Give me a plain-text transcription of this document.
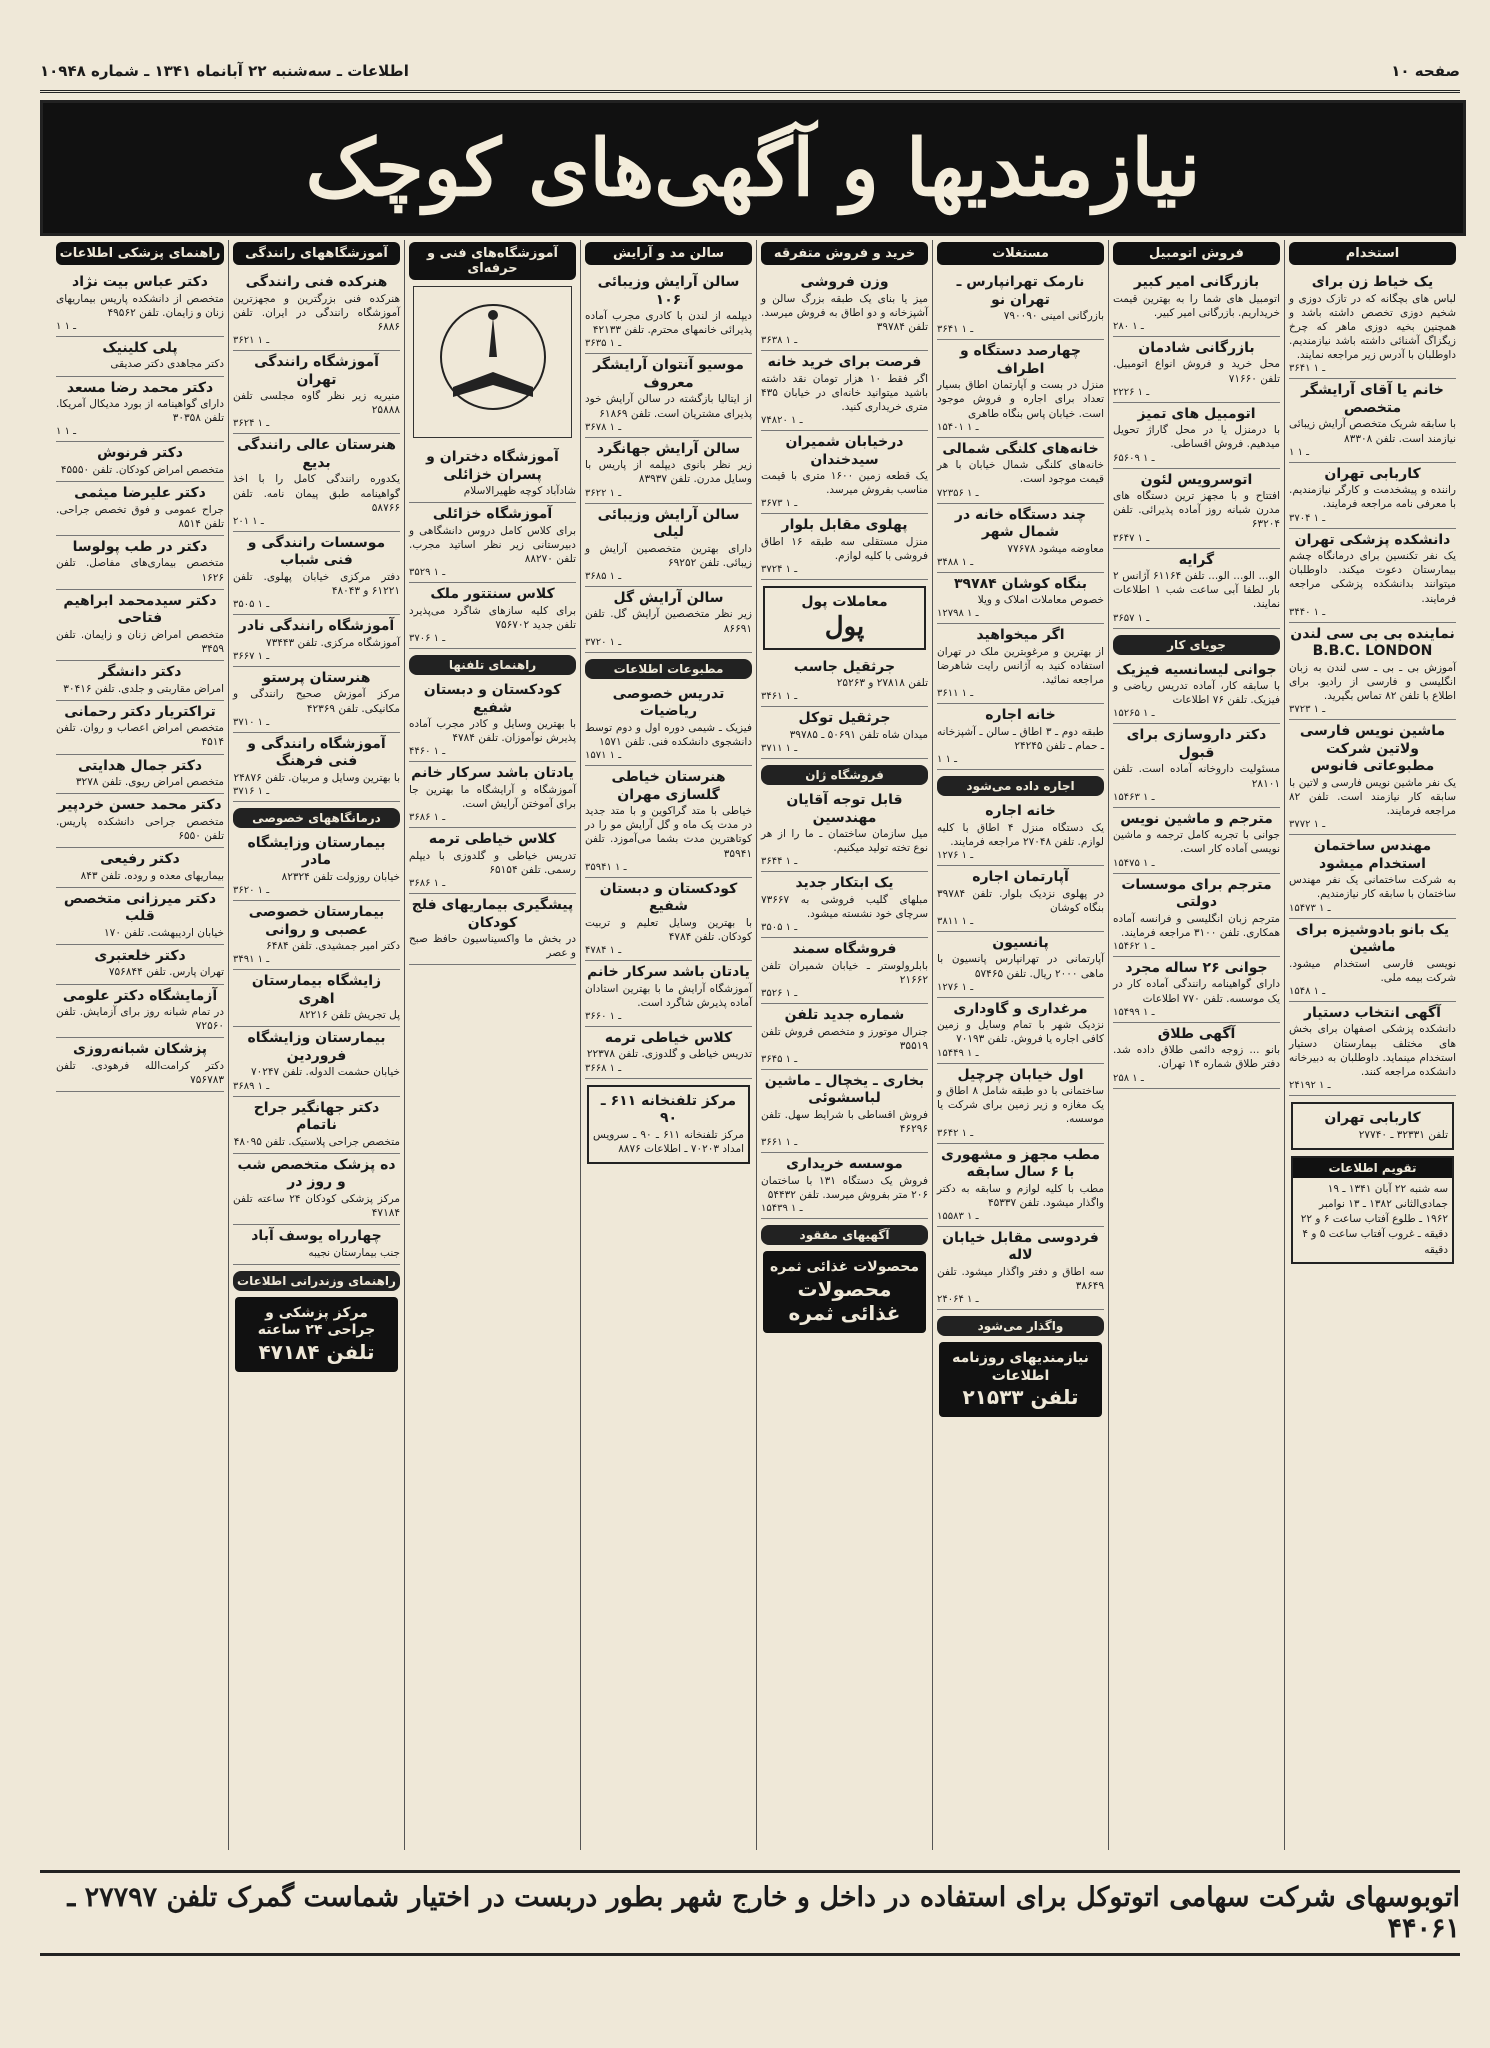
صفحه ۱۰
اطلاعات ـ سه‌شنبه ۲۲ آبانماه ۱۳۴۱ ـ شماره ۱۰۹۴۸
نیازمندیها و آگهی‌های کوچک
استخدام
یک خیاط زن برای
لباس های بچگانه که در تازک دوزی و شخیم دوزی تخصص داشته باشد و همچنین بخیه دوزی ماهر که چرخ زیگزاگ آشنائی داشته باشد نیازمندیم. داوطلبان با آدرس زیر مراجعه نمایند.
۳۶۴۱ ـ ۱
خانم یا آقای آرایشگر متخصص
با سابقه شریک متخصص آرایش زیبائی نیازمند است. تلفن ۸۳۳۰۸
۱ ـ ۱
کاربابی تهران
راننده و پیشخدمت و کارگر نیازمندیم. با معرفی نامه مراجعه فرمایند.
۳۷۰۴ ـ ۱
دانشکده پزشکی تهران
یک نفر تکنسین برای درمانگاه چشم بیمارستان دعوت میکند. داوطلبان میتوانند بدانشکده پزشکی مراجعه فرمایند.
۳۴۴۰ ـ ۱
نماینده بی بی سی لندن B.B.C. LONDON
آموزش بی ـ بی ـ سی لندن به زبان انگلیسی و فارسی از رادیو. برای اطلاع با تلفن ۸۲ تماس بگیرید.
۳۷۲۳ ـ ۱
ماشین نویس فارسی ولاتین شرکت مطبوعاتی فانوس
یک نفر ماشین نویس فارسی و لاتین با سابقه کار نیازمند است. تلفن ۸۲ مراجعه فرمایند.
۳۷۷۲ ـ ۱
مهندس ساختمان استخدام میشود
به شرکت ساختمانی یک نفر مهندس ساختمان با سابقه کار نیازمندیم.
۱۵۴۷۳ ـ ۱
یک بانو بادوشیزه برای ماشین
نویسی فارسی استخدام میشود. شرکت بیمه ملی.
۱۵۴۸ ـ ۱
آگهی انتخاب دستیار
دانشکده پزشکی اصفهان برای بخش های مختلف بیمارستان دستیار استخدام مینماید. داوطلبان به دبیرخانه دانشکده مراجعه کنند.
۲۴۱۹۲ ـ ۱
کاربابی تهران
تلفن ۳۲۳۳۱ ـ ۲۷۷۴۰
تقویم اطلاعات
سه شنبه ۲۲ آبان ۱۳۴۱ ـ ۱۹ جمادی‌الثانی ۱۳۸۲ ـ ۱۳ نوامبر ۱۹۶۲ ـ طلوع آفتاب ساعت ۶ و ۲۲ دقیقه ـ غروب آفتاب ساعت ۵ و ۴ دقیقه
فروش اتومبیل
بازرگانی امیر کبیر
اتومبیل های شما را به بهترین قیمت خریداریم. بازرگانی امیر کبیر.
۲۸۰ ـ ۱
بازرگانی شادمان
محل خرید و فروش انواع اتومبیل. تلفن ۷۱۶۶۰
۲۲۲۶ ـ ۱
اتومبیل های تمیز
با درمنزل یا در محل گاراژ تحویل میدهیم. فروش اقساطی.
۶۵۶۰۹ ـ ۱
اتوسرویس لئون
افتتاح و با مجهز ترین دستگاه های مدرن شبانه روز آماده پذیرائی. تلفن ۶۳۲۰۴
۳۶۴۷ ـ ۱
گرایه
الو... الو... الو... تلفن ۶۱۱۶۴ آژانس ۲ بار لطفا آبی ساعت شب ۱ اطلاعات نمایند.
۳۶۵۷ ـ ۱
جویای کار
جوانی لیسانسیه فیزیک
با سابقه کار، آماده تدریس ریاضی و فیزیک. تلفن ۷۶ اطلاعات
۱۵۲۶۵ ـ ۱
دکتر داروسازی برای قبول
مسئولیت داروخانه آماده است. تلفن ۲۸۱۰۱
۱۵۴۶۳ ـ ۱
مترجم و ماشین نویس
جوانی با تجربه کامل ترجمه و ماشین نویسی آماده کار است.
۱۵۴۷۵ ـ ۱
مترجم برای موسسات دولتی
مترجم زبان انگلیسی و فرانسه آماده همکاری. تلفن ۳۱۰۰ مراجعه فرمایند.
۱۵۴۶۲ ـ ۱
جوانی ۲۶ ساله مجرد
دارای گواهینامه رانندگی آماده کار در یک موسسه. تلفن ۷۷۰ اطلاعات
۱۵۴۹۹ ـ ۱
آگهی طلاق
بانو ... زوجه دائمی طلاق داده شد. دفتر طلاق شماره ۱۴ تهران.
۲۵۸ ـ ۱
مستغلات
نارمک تهرانپارس ـ تهران نو
بازرگانی امینی ۷۹۰۰۹۰
۳۶۴۱ ـ ۱
چهارصد دستگاه و اطراف
منزل در بست و آپارتمان اطاق بسیار تعداد برای اجاره و فروش موجود است. خیابان پاس بنگاه طاهری
۱۵۴۰۱ ـ ۱
خانه‌های کلنگی شمالی
خانه‌های کلنگی شمال خیابان با هر قیمت موجود است.
۷۲۳۵۶ ـ ۱
چند دستگاه خانه در شمال شهر
معاوضه میشود ۷۷۶۷۸
۳۴۸۸ ـ ۱
بنگاه کوشان ۳۹۷۸۴
خصوص معاملات املاک و ویلا
۱۲۷۹۸ ـ ۱
اگر میخواهید
از بهترین و مرغوبترین ملک در تهران استفاده کنید به آژانس رایت شاهرضا مراجعه نمائید.
۳۶۱۱ ـ ۱
خانه اجاره
طبقه دوم ـ ۳ اطاق ـ سالن ـ آشپزخانه ـ حمام ـ تلفن ۲۴۲۴۵
۱ ـ ۱
اجاره داده می‌شود
خانه اجاره
یک دستگاه منزل ۴ اطاق با کلیه لوازم. تلفن ۲۷۰۴۸ مراجعه فرمایند.
۱۲۷۶ ـ ۱
آپارتمان اجاره
در پهلوی نزدیک بلوار. تلفن ۳۹۷۸۴ بنگاه کوشان
۳۸۱۱ ـ ۱
پانسیون
آپارتمانی در تهرانپارس پانسیون با ماهی ۲۰۰۰ ریال. تلفن ۵۷۴۶۵
۱۲۷۶ ـ ۱
مرغداری و گاوداری
نزدیک شهر با تمام وسایل و زمین کافی اجاره یا فروش. تلفن ۷۰۱۹۳
۱۵۴۴۹ ـ ۱
اول خیابان چرچیل
ساختمانی با دو طبقه شامل ۸ اطاق و یک مغازه و زیر زمین برای شرکت یا موسسه.
۳۶۴۲ ـ ۱
مطب مجهز و مشهوری با ۶ سال سابقه
مطب با کلیه لوازم و سابقه به دکتر واگذار میشود. تلفن ۴۵۳۳۷
۱۵۵۸۳ ـ ۱
فردوسی مقابل خیابان لاله
سه اطاق و دفتر واگذار میشود. تلفن ۳۸۶۴۹
۲۴۰۶۴ ـ ۱
واگذار می‌شود
نیازمندیهای روزنامه اطلاعات
تلفن ۲۱۵۳۳
خرید و فروش متفرقه
وزن فروشی
میز یا بنای یک طبقه بزرگ سالن و آشپزخانه و دو اطاق به فروش میرسد. تلفن ۳۹۷۸۴
۳۶۳۸ ـ ۱
فرصت برای خرید خانه
اگر فقط ۱۰ هزار تومان نقد داشته باشید میتوانید خانه‌ای در خیابان ۴۳۵ متری خریداری کنید.
۷۴۸۲۰ ـ ۱
درخیابان شمیران سیدخندان
یک قطعه زمین ۱۶۰۰ متری با قیمت مناسب بفروش میرسد.
۳۶۷۳ ـ ۱
پهلوی مقابل بلوار
منزل مستقلی سه طبقه ۱۶ اطاق فروشی با کلیه لوازم.
۳۷۲۴ ـ ۱
معاملات پول
پول
جرثقیل جاسب
تلفن ۲۷۸۱۸ و ۲۵۲۶۳
۳۴۶۱ ـ ۱
جرثقیل توکل
میدان شاه تلفن ۵۰۶۹۱ ـ ۳۹۷۸۵
۳۷۱۱ ـ ۱
فروشگاه ژان
قابل توجه آقایان مهندسین
میل سازمان ساختمان ـ ما را از هر نوع تخته تولید میکنیم.
۳۶۴۴ ـ ۱
یک ابتکار جدید
مبلهای گلیب فروشی به ۷۳۶۶۷ سرچای خود نشسته میشود.
۳۵۰۵ ـ ۱
فروشگاه سمند
بابلرولوستر ـ خیابان شمیران تلفن ۲۱۶۶۲
۳۵۲۶ ـ ۱
شماره جدید تلفن
جنرال موتورز و متخصص فروش تلفن ۳۵۵۱۹
۳۶۴۵ ـ ۱
بخاری ـ یخچال ـ ماشین لباسشوئی
فروش اقساطی با شرایط سهل. تلفن ۴۶۲۹۶
۳۶۶۱ ـ ۱
موسسه خریداری
فروش یک دستگاه ۱۳۱ با ساختمان ۲۰۶ متر بفروش میرسد. تلفن ۵۴۴۳۲
۱۵۴۳۹ ـ ۱
آگهیهای مفقود
محصولات غذائی ثمره
محصولات غذائی ثمره
سالن مد و آرایش
سالن آرایش وزیبائی ۱۰۶
دیپلمه از لندن با کادری مجرب آماده پذیرائی خانمهای محترم. تلفن ۴۲۱۳۳
۳۶۳۵ ـ ۱
موسیو آنتوان آرایشگر معروف
از ایتالیا بازگشته در سالن آرایش خود پذیرای مشتریان است. تلفن ۶۱۸۶۹
۳۶۷۸ ـ ۱
سالن آرایش جهانگرد
زیر نظر بانوی دیپلمه از پاریس با وسایل مدرن. تلفن ۸۳۹۳۷
۳۶۲۲ ـ ۱
سالن آرایش وزیبائی لیلی
دارای بهترین متخصصین آرایش و زیبائی. تلفن ۶۹۲۵۲
۳۶۸۵ ـ ۱
سالن آرایش گل
زیر نظر متخصصین آرایش گل. تلفن ۸۶۶۹۱
۳۷۲۰ ـ ۱
مطبوعات اطلاعات
تدریس خصوصی ریاضیات
فیزیک ـ شیمی دوره اول و دوم توسط دانشجوی دانشکده فنی. تلفن ۱۵۷۱
۱۵۷۱ ـ ۱
هنرستان خیاطی گلسازی مهران
خیاطی با متد گراکوین و با متد جدید در مدت یک ماه و گل آرایش مو را در کوتاهترین مدت بشما می‌آموزد. تلفن ۳۵۹۴۱
۳۵۹۴۱ ـ ۱
کودکستان و دبستان شفیع
با بهترین وسایل تعلیم و تربیت کودکان. تلفن ۴۷۸۴
۴۷۸۴ ـ ۱
یادتان باشد سرکار خانم
آموزشگاه آرایش ما با بهترین استادان آماده پذیرش شاگرد است.
۳۶۶۰ ـ ۱
کلاس خیاطی ترمه
تدریس خیاطی و گلدوزی. تلفن ۲۲۳۷۸
۳۶۶۸ ـ ۱
مرکز تلفنخانه ۶۱۱ ـ ۹۰
مرکز تلفنخانه ۶۱۱ ـ ۹۰ ـ سرویس امداد ۷۰۲۰۳ ـ اطلاعات ۸۸۷۶
آموزشگاه‌های فنی و حرفه‌ای
آموزشگاه دختران و پسران خزائلی
شادآباد کوچه ظهیرالاسلام
آموزشگاه خزائلی
برای کلاس کامل دروس دانشگاهی و دبیرستانی زیر نظر اساتید مجرب. تلفن ۸۸۲۷۰
۳۵۲۹ ـ ۱
کلاس سنتتور ملک
برای کلیه سازهای شاگرد می‌پذیرد تلفن جدید ۷۵۶۷۰۲
۳۷۰۶ ـ ۱
راهنمای تلفنها
کودکستان و دبستان شفیع
با بهترین وسایل و کادر مجرب آماده پذیرش نوآموزان. تلفن ۴۷۸۴
۴۴۶۰ ـ ۱
یادتان باشد سرکار خانم
آموزشگاه و آرایشگاه ما بهترین جا برای آموختن آرایش است.
۳۶۸۶ ـ ۱
کلاس خیاطی ترمه
تدریس خیاطی و گلدوزی با دیپلم رسمی. تلفن ۶۵۱۵۴
۳۶۸۶ ـ ۱
پیشگیری بیماریهای فلج کودکان
در بخش ما واکسیناسیون حافظ صبح و عصر
آموزشگاههای رانندگی
هنرکده فنی رانندگی
هنرکده فنی بزرگترین و مجهزترین آموزشگاه رانندگی در ایران. تلفن ۶۸۸۶
۳۶۲۱ ـ ۱
آموزشگاه رانندگی تهران
منیریه زیر نظر گاوه مجلسی تلفن ۲۵۸۸۸
۳۶۲۴ ـ ۱
هنرستان عالی رانندگی بدیع
یکدوره رانندگی کامل را با اخذ گواهینامه طبق پیمان نامه. تلفن ۵۸۷۶۶
۲۰۱ ـ ۱
موسسات رانندگی و فنی شباب
دفتر مرکزی خیابان پهلوی. تلفن ۶۱۲۲۱ و ۴۸۰۴۳
۳۵۰۵ ـ ۱
آموزشگاه رانندگی نادر
آموزشگاه مرکزی. تلفن ۷۳۴۴۳
۳۶۶۷ ـ ۱
هنرستان پرستو
مرکز آموزش صحیح رانندگی و مکانیکی. تلفن ۴۲۳۶۹
۳۷۱۰ ـ ۱
آموزشگاه رانندگی و فنی فرهنگ
با بهترین وسایل و مربیان. تلفن ۲۴۸۷۶
۳۷۱۶ ـ ۱
درمانگاههای خصوصی
بیمارستان وزایشگاه مادر
خیابان روزولت تلفن ۸۲۳۲۴
۳۶۲۰ ـ ۱
بیمارستان خصوصی عصبی و روانی
دکتر امیر جمشیدی. تلفن ۶۴۸۴
۳۴۹۱ ـ ۱
زایشگاه بیمارستان اهری
پل تجریش تلفن ۸۲۲۱۶
بیمارستان وزایشگاه فروردین
خیابان حشمت الدوله. تلفن ۷۰۲۴۷
۳۶۸۹ ـ ۱
دکتر جهانگیر جراح ناتمام
متخصص جراحی پلاستیک. تلفن ۴۸۰۹۵
ده پزشک متخصص شب و روز در
مرکز پزشکی کودکان ۲۴ ساعته تلفن ۴۷۱۸۴
چهارراه یوسف آباد
جنب بیمارستان نجیبه
راهنمای وزندرانی اطلاعات
مرکز پزشکی و جراحی ۲۴ ساعته
تلفن ۴۷۱۸۴
راهنمای پزشکی اطلاعات
دکتر عباس بیت نژاد
متخصص از دانشکده پاریس بیماریهای زنان و زایمان. تلفن ۴۹۵۶۲
۱ ـ ۱
پلی کلینیک
دکتر مجاهدی دکتر صدیقی
دکتر محمد رضا مسعد
دارای گواهینامه از بورد مدیکال آمریکا. تلفن ۳۰۳۵۸
۱ ـ ۱
دکتر فرنوش
متخصص امراض کودکان. تلفن ۴۵۵۵۰
دکتر علیرضا میثمی
جراح عمومی و فوق تخصص جراحی. تلفن ۸۵۱۴
دکتر در طب پولوسا
متخصص بیماری‌های مفاصل. تلفن ۱۶۲۶
دکتر سیدمحمد ابراهیم فتاحی
متخصص امراض زنان و زایمان. تلفن ۳۴۵۹
دکتر دانشگر
امراض مقاربتی و جلدی. تلفن ۳۰۴۱۶
تراکتریار دکتر رحمانی
متخصص امراض اعصاب و روان. تلفن ۴۵۱۴
دکتر جمال هدایتی
متخصص امراض ریوی. تلفن ۳۲۷۸
دکتر محمد حسن خردپیر
متخصص جراحی دانشکده پاریس. تلفن ۶۵۵۰
دکتر رفیعی
بیماریهای معده و روده. تلفن ۸۴۳
دکتر میرزانی متخصص قلب
خیابان اردیبهشت. تلفن ۱۷۰
دکتر خلعتبری
تهران پارس. تلفن ۷۵۶۸۴۴
آزمایشگاه دکتر علومی
در تمام شبانه روز برای آزمایش. تلفن ۷۲۵۶۰
پزشکان شبانه‌روزی
دکتر کرامت‌الله فرهودی. تلفن ۷۵۶۷۸۳
اتوبوسهای شرکت سهامی اتوتوکل برای استفاده در داخل و خارج شهر بطور دربست در اختیار شماست گمرک تلفن ۲۷۷۹۷ ـ ۴۴۰۶۱
